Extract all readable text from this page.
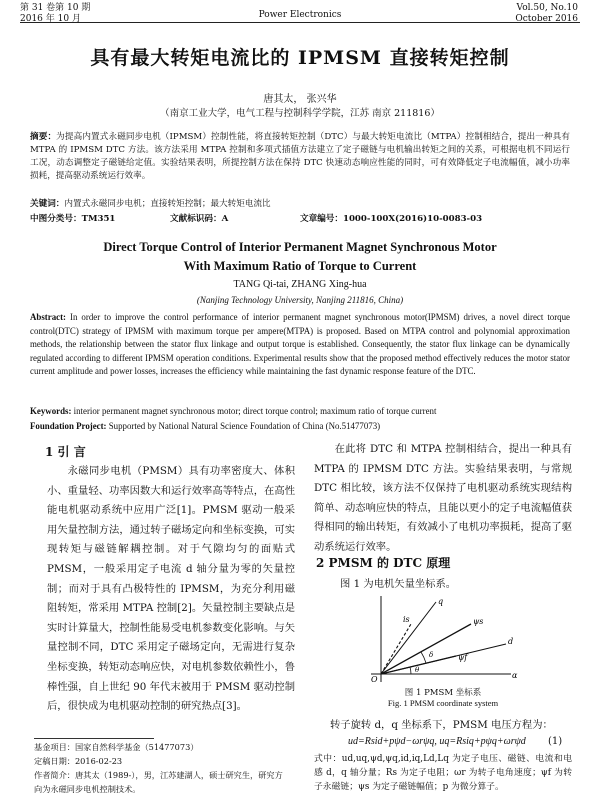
第 31 卷第 10 期
2016 年 10 月	Power Electronics
Vol.50, No.10
October 2016
具有最大转矩电流比的 IPMSM 直接转矩控制
唐其太， 张兴华
（南京工业大学，电气工程与控制科学学院，江苏 南京 211816）
摘要：为提高内置式永磁同步电机（IPMSM）控制性能，将直接转矩控制（DTC）与最大转矩电流比（MTPA）控制相结合，提出一种具有 MTPA 的 IPMSM DTC 方法。该方法采用 MTPA 控制和多项式插值方法建立了定子磁链与电机输出转矩之间的关系，可根据电机不同运行工况，动态调整定子磁链给定值。实验结果表明，所提控制方法在保持 DTC 快速动态响应性能的同时，可有效降低定子电流幅值，减小功率损耗，提高驱动系统运行效率。
关键词：内置式永磁同步电机；直接转矩控制；最大转矩电流比
中图分类号：TM351	文献标识码：A	文章编号：1000-100X(2016)10-0083-03
Direct Torque Control of Interior Permanent Magnet Synchronous Motor
With Maximum Ratio of Torque to Current
TANG Qi-tai, ZHANG Xing-hua
(Nanjing Technology University, Nanjing 211816, China)
Abstract: In order to improve the control performance of interior permanent magnet synchronous motor(IPMSM) drives, a novel direct torque control(DTC) strategy of IPMSM with maximum torque per ampere(MTPA) is proposed. Based on MTPA control and polynomial approximation methods, the relationship between the stator flux linkage and output torque is established. Consequently, the stator flux linkage can be dynamically regulated according to different IPMSM operation conditions. Experimental results show that the proposed method effectively reduces the motor stator current amplitude and power losses, increases the efficiency while maintaining the fast dynamic response feature of the DTC.
Keywords: interior permanent magnet synchronous motor; direct torque control; maximum ratio of torque current
Foundation Project: Supported by National Natural Science Foundation of China (No.51477073)
1 引 言
永磁同步电机（PMSM）具有功率密度大、体积小、重量轻、功率因数大和运行效率高等特点，在高性能电机驱动系统中应用广泛[1]。PMSM 驱动一般采用矢量控制方法，通过转子磁场定向和坐标变换，可实现转矩与磁链解耦控制。对于气隙均匀的面贴式 PMSM，一般采用定子电流 d 轴分量为零的矢量控制；而对于具有凸极特性的 IPMSM，为充分利用磁阻转矩，常采用 MTPA 控制[2]。矢量控制主要缺点是实时计算量大，控制性能易受电机参数变化影响。与矢量控制不同，DTC 采用定子磁场定向，无需进行复杂坐标变换，转矩动态响应快，对电机参数依赖性小，鲁棒性强，自上世纪 90 年代末被用于 PMSM 驱动控制后，很快成为电机驱动控制的研究热点[3]。
基金项目：国家自然科学基金（51477073）
定稿日期：2016-02-23
作者简介：唐其太（1989-），男，江苏建湖人，硕士研究生，研究方向为永磁同步电机控制技术。
在此将 DTC 和 MTPA 控制相结合，提出一种具有 MTPA 的 IPMSM DTC 方法。实验结果表明，与常规 DTC 相比较，该方法不仅保持了电机驱动系统实现结构简单、动态响应快的特点，且能以更小的定子电流幅值获得相同的输出转矩，有效减小了电机功率损耗，提高了驱动系统运行效率。
2 PMSM 的 DTC 原理
图 1 为电机矢量坐标系。
O	α
d
q
ψs
ψf
is
θ
δ
图 1 PMSM 坐标系
Fig. 1 PMSM coordinate system
转子旋转 d，q 坐标系下，PMSM 电压方程为：
ud=Rsid+pψd−ωrψq, uq=Rsiq+pψq+ωrψd (1)
式中：ud,uq,ψd,ψq,id,iq,Ld,Lq 为定子电压、磁链、电流和电感 d，q 轴分量；Rs 为定子电阻；ωr 为转子电角速度；ψf 为转子永磁链；ψs 为定子磁链幅值；p 为微分算子。
